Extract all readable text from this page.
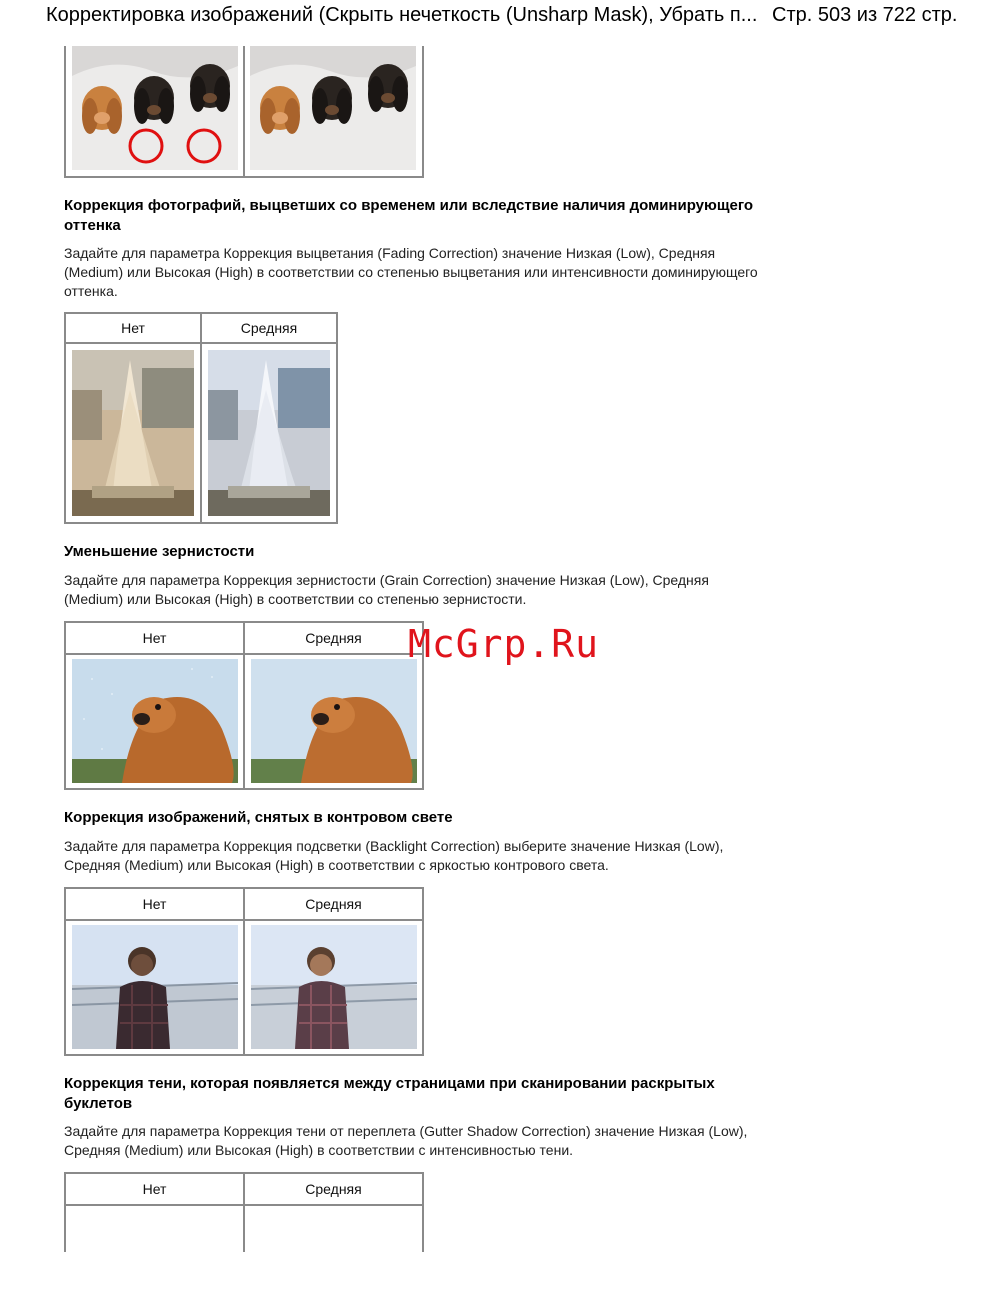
Корректировка изображений (Скрыть нечеткость (Unsharp Mask), Убрать п... Стр. 503 из 722 стр.
Коррекция фотографий, выцветших со временем или вследствие наличия доминирующего оттенка
Задайте для параметра Коррекция выцветания (Fading Correction) значение Низкая (Low), Средняя (Medium) или Высокая (High) в соответствии со степенью выцветания или интенсивности доминирующего оттенка.
Нет	Средняя
Уменьшение зернистости
Задайте для параметра Коррекция зернистости (Grain Correction) значение Низкая (Low), Средняя (Medium) или Высокая (High) в соответствии со степенью зернистости.
Нет	Средняя	McGrp.Ru
Коррекция изображений, снятых в контровом свете
Задайте для параметра Коррекция подсветки (Backlight Correction) выберите значение Низкая (Low), Средняя (Medium) или Высокая (High) в соответствии с яркостью контрового света.
Нет	Средняя
Коррекция тени, которая появляется между страницами при сканировании раскрытых буклетов
Задайте для параметра Коррекция тени от переплета (Gutter Shadow Correction) значение Низкая (Low), Средняя (Medium) или Высокая (High) в соответствии с интенсивностью тени.
Нет	Средняя
